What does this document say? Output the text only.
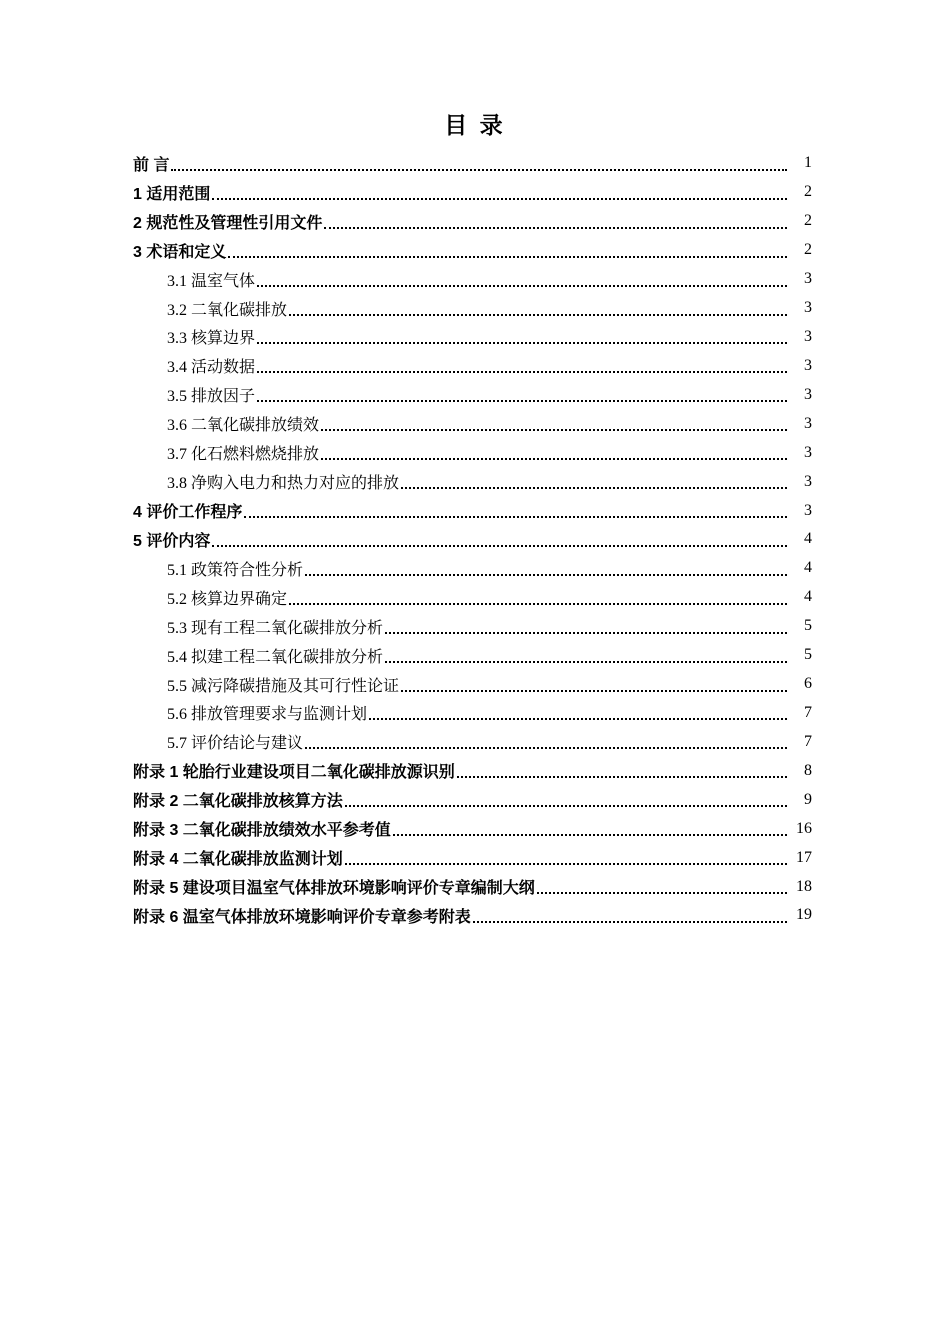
目 录
前 言	1
1 适用范围	2
2 规范性及管理性引用文件	2
3 术语和定义	2
3.1 温室气体	3
3.2 二氧化碳排放	3
3.3 核算边界	3
3.4 活动数据	3
3.5 排放因子	3
3.6 二氧化碳排放绩效	3
3.7 化石燃料燃烧排放	3
3.8 净购入电力和热力对应的排放	3
4 评价工作程序	3
5 评价内容	4
5.1 政策符合性分析	4
5.2 核算边界确定	4
5.3 现有工程二氧化碳排放分析	5
5.4 拟建工程二氧化碳排放分析	5
5.5 减污降碳措施及其可行性论证	6
5.6 排放管理要求与监测计划	7
5.7 评价结论与建议	7
附录 1 轮胎行业建设项目二氧化碳排放源识别	8
附录 2 二氧化碳排放核算方法	9
附录 3 二氧化碳排放绩效水平参考值	16
附录 4 二氧化碳排放监测计划	17
附录 5 建设项目温室气体排放环境影响评价专章编制大纲	18
附录 6 温室气体排放环境影响评价专章参考附表	19
